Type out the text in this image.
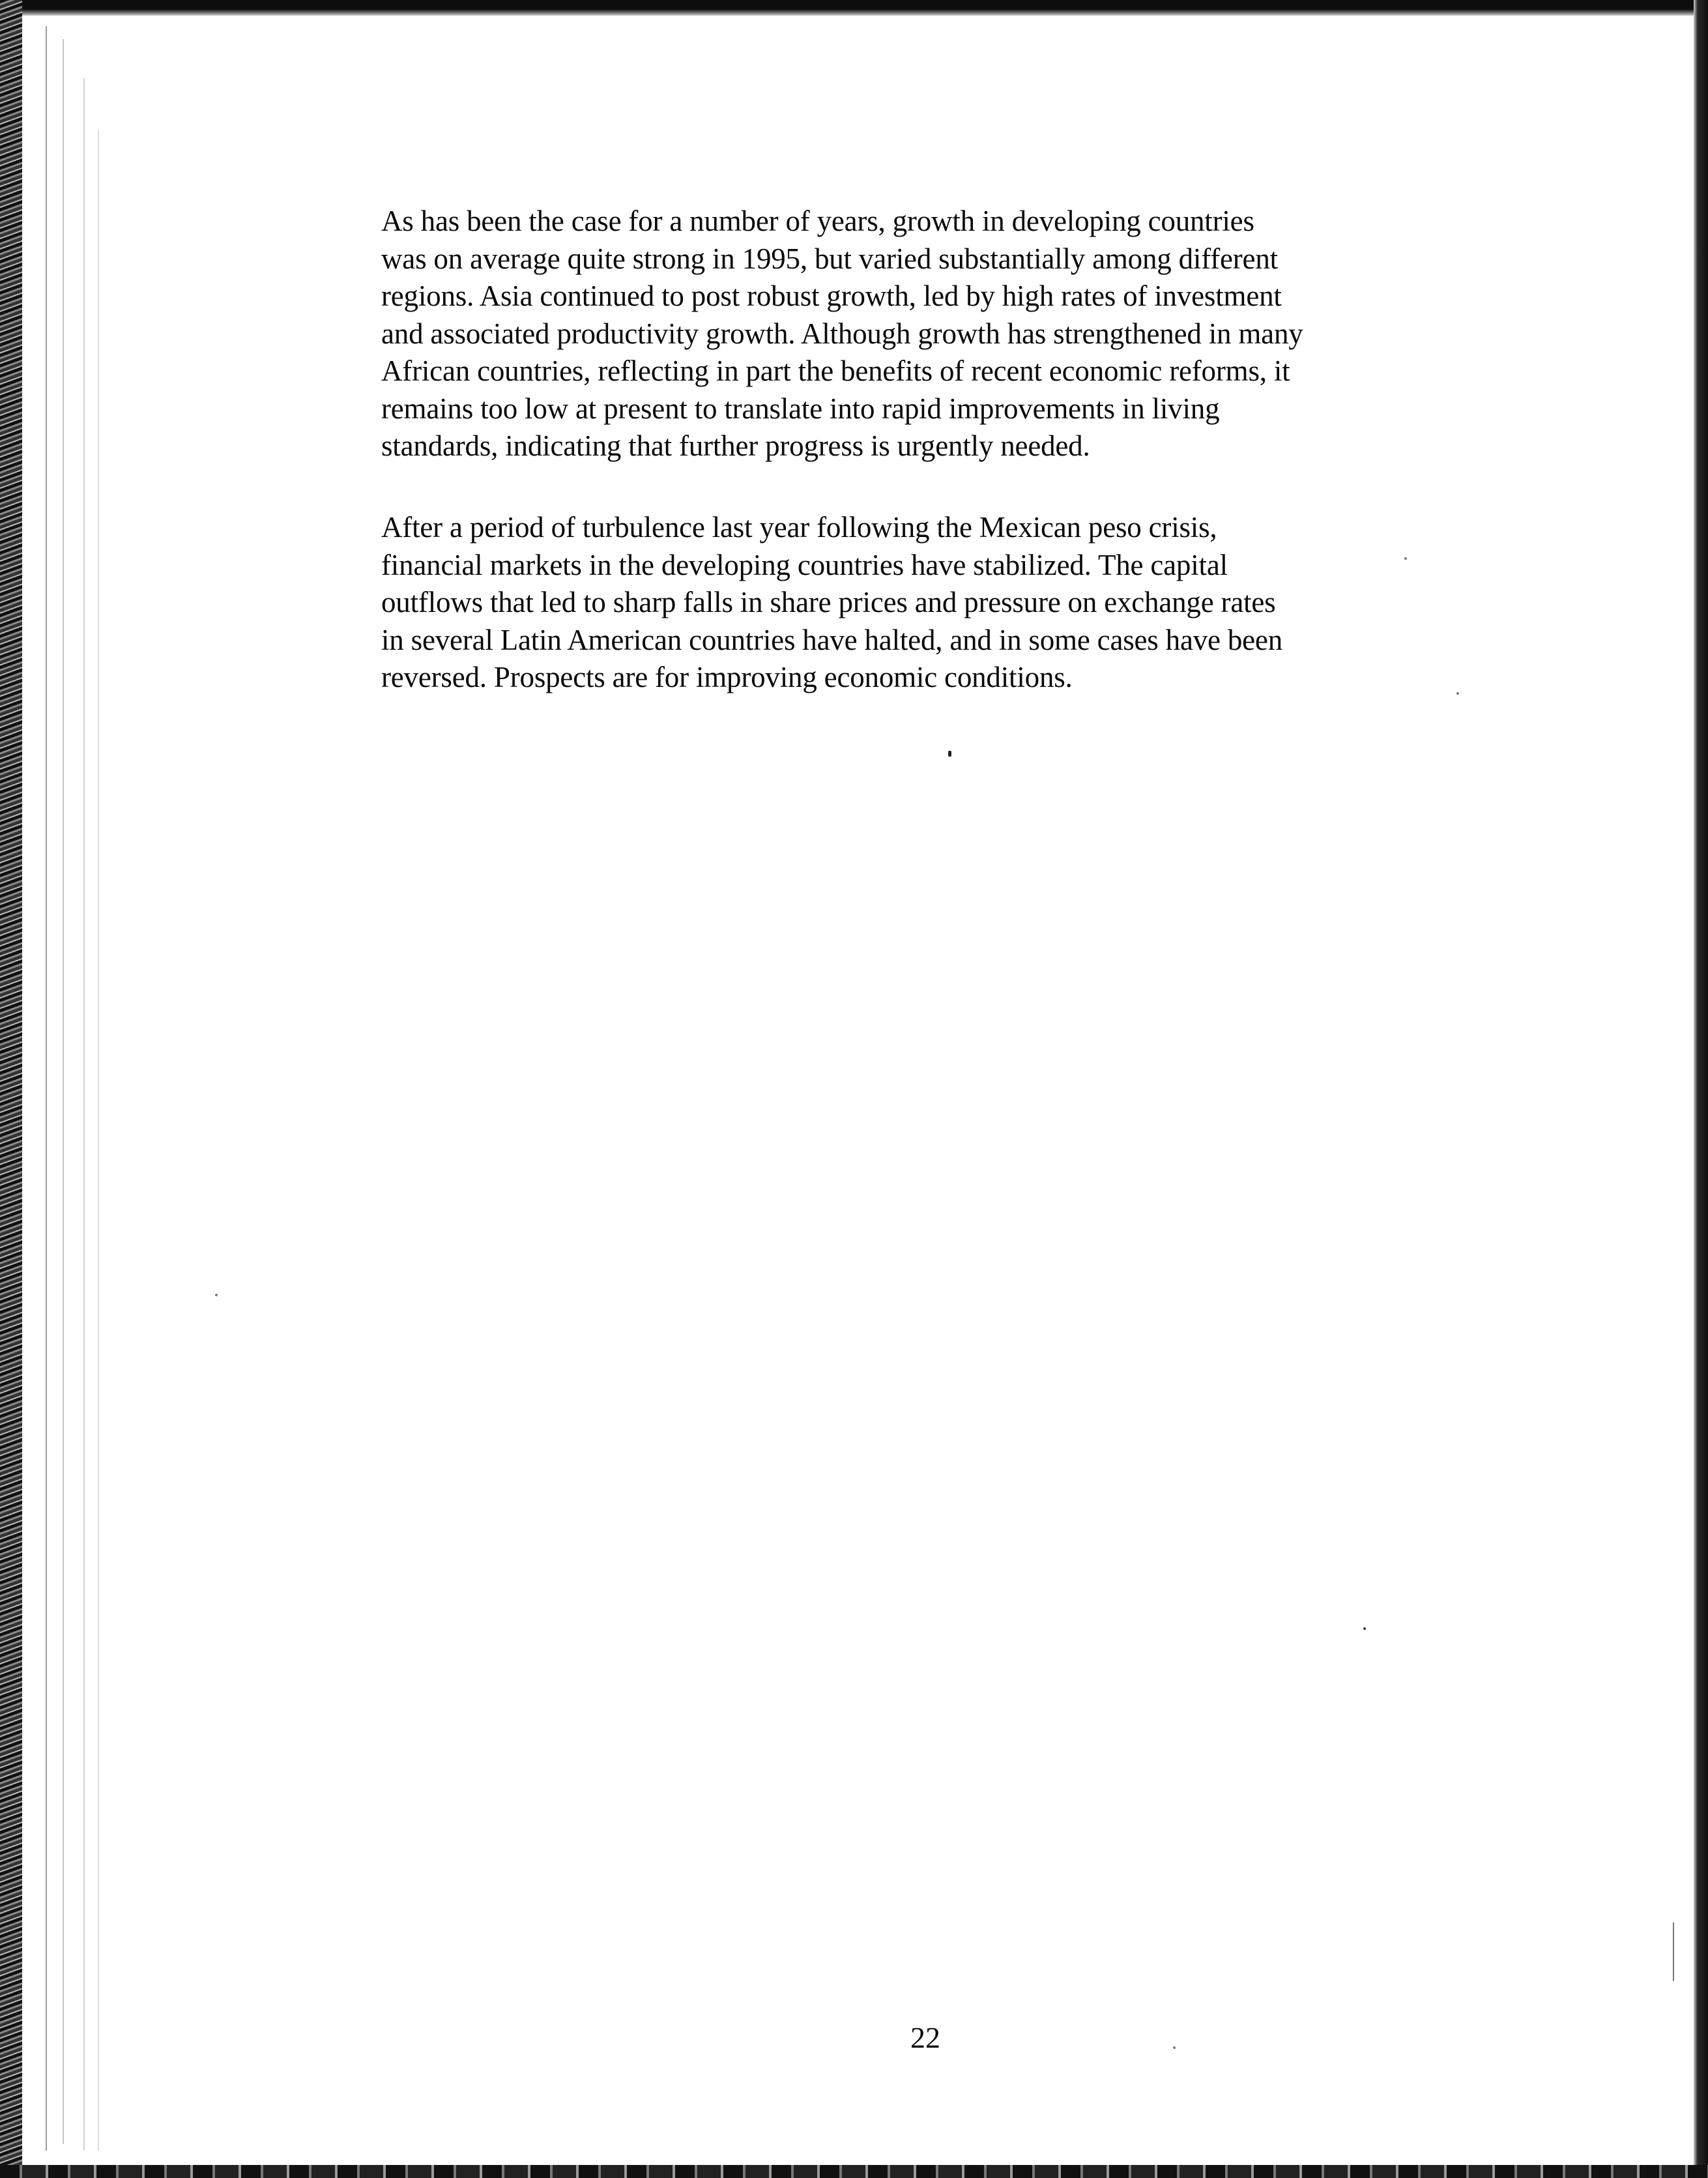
As has been the case for a number of years, growth in developing countries
was on average quite strong in 1995, but varied substantially among different
regions. Asia continued to post robust growth, led by high rates of investment
and associated productivity growth. Although growth has strengthened in many
African countries, reflecting in part the benefits of recent economic reforms, it
remains too low at present to translate into rapid improvements in living
standards, indicating that further progress is urgently needed.
After a period of turbulence last year following the Mexican peso crisis,
financial markets in the developing countries have stabilized. The capital
outflows that led to sharp falls in share prices and pressure on exchange rates
in several Latin American countries have halted, and in some cases have been
reversed. Prospects are for improving economic conditions.

22
